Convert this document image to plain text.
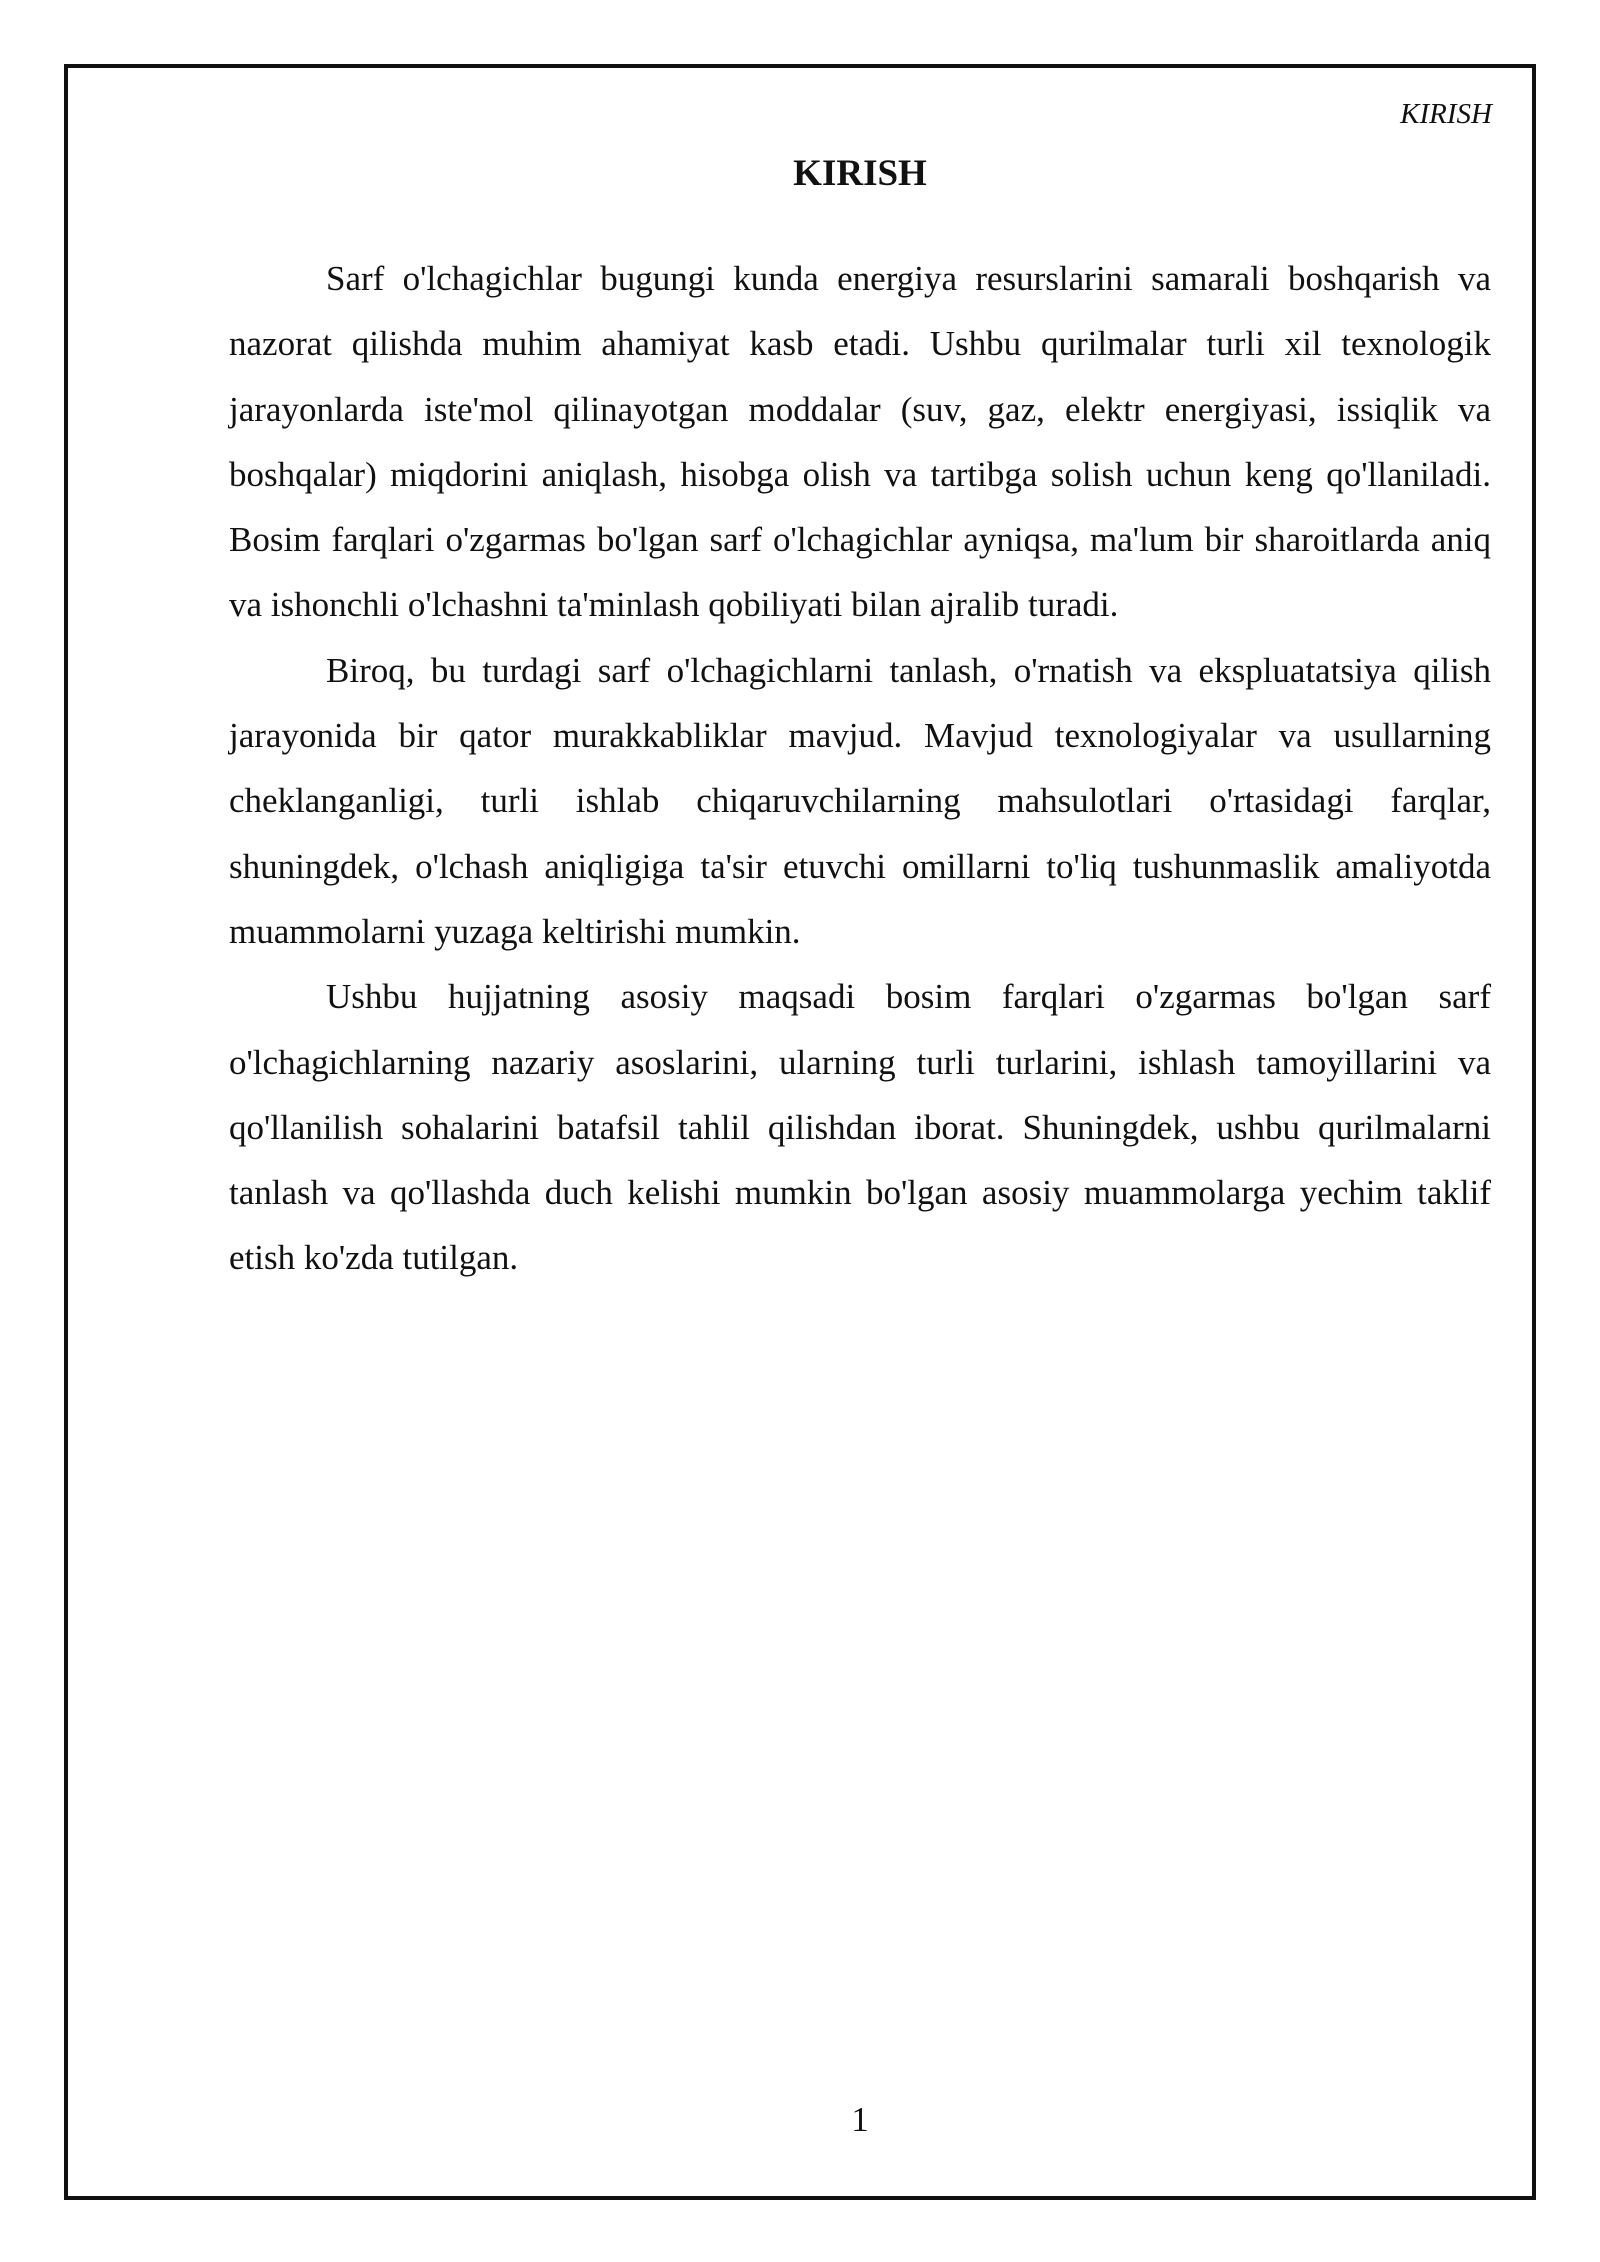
KIRISH
KIRISH

Sarf o'lchagichlar bugungi kunda energiya resurslarini samarali boshqarish va nazorat qilishda muhim ahamiyat kasb etadi. Ushbu qurilmalar turli xil texnologik jarayonlarda iste'mol qilinayotgan moddalar (suv, gaz, elektr energiyasi, issiqlik va boshqalar) miqdorini aniqlash, hisobga olish va tartibga solish uchun keng qo'llaniladi. Bosim farqlari o'zgarmas bo'lgan sarf o'lchagichlar ayniqsa, ma'lum bir sharoitlarda aniq va ishonchli o'lchashni ta'minlash qobiliyati bilan ajralib turadi.

Biroq, bu turdagi sarf o'lchagichlarni tanlash, o'rnatish va ekspluatatsiya qilish jarayonida bir qator murakkabliklar mavjud. Mavjud texnologiyalar va usullarning cheklanganligi, turli ishlab chiqaruvchilarning mahsulotlari o'rtasidagi farqlar, shuningdek, o'lchash aniqligiga ta'sir etuvchi omillarni to'liq tushunmaslik amaliyotda muammolarni yuzaga keltirishi mumkin.

Ushbu hujjatning asosiy maqsadi bosim farqlari o'zgarmas bo'lgan sarf o'lchagichlarning nazariy asoslarini, ularning turli turlarini, ishlash tamoyillarini va qo'llanilish sohalarini batafsil tahlil qilishdan iborat. Shuningdek, ushbu qurilmalarni tanlash va qo'llashda duch kelishi mumkin bo'lgan asosiy muammolarga yechim taklif etish ko'zda tutilgan.

1
